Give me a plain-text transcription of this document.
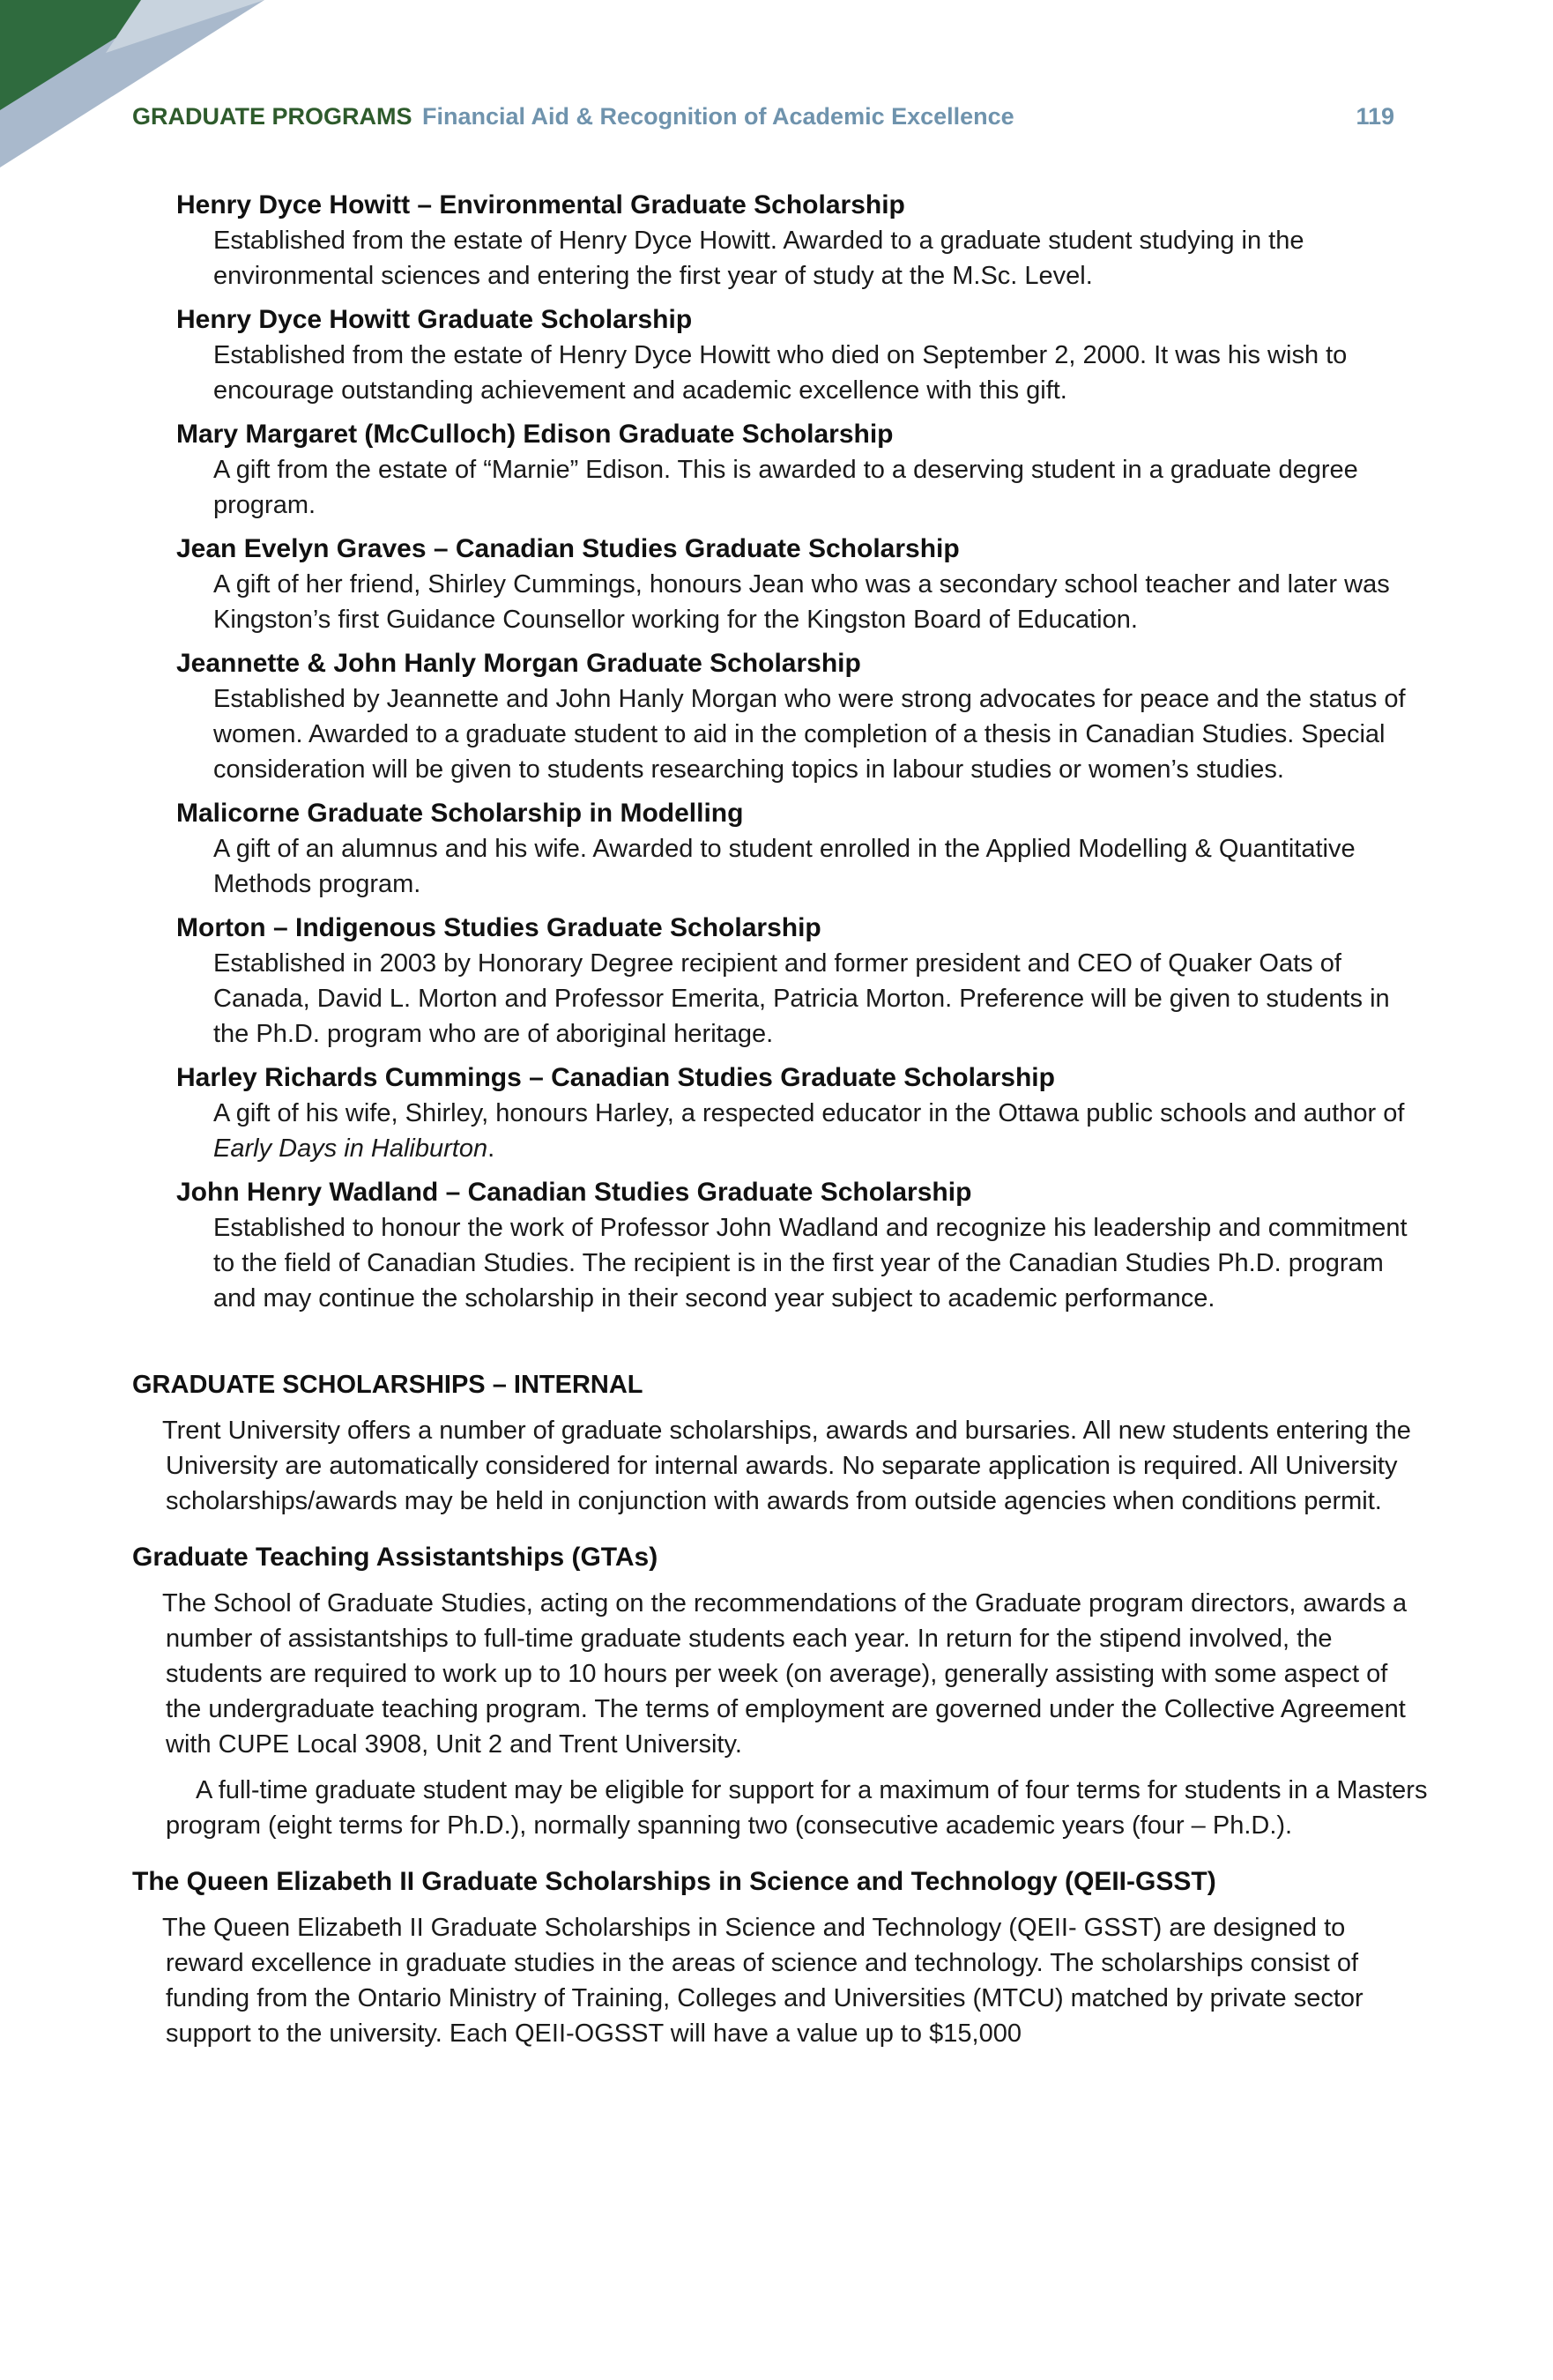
GRADUATE PROGRAMS Financial Aid & Recognition of Academic Excellence	119
Henry Dyce Howitt – Environmental Graduate Scholarship
Established from the estate of Henry Dyce Howitt. Awarded to a graduate student studying in the environmental sciences and entering the first year of study at the M.Sc. Level.
Henry Dyce Howitt Graduate Scholarship
Established from the estate of Henry Dyce Howitt who died on September 2, 2000. It was his wish to encourage outstanding achievement and academic excellence with this gift.
Mary Margaret (McCulloch) Edison Graduate Scholarship
A gift from the estate of “Marnie” Edison. This is awarded to a deserving student in a graduate degree program.
Jean Evelyn Graves – Canadian Studies Graduate Scholarship
A gift of her friend, Shirley Cummings, honours Jean who was a secondary school teacher and later was Kingston’s first Guidance Counsellor working for the Kingston Board of Education.
Jeannette & John Hanly Morgan Graduate Scholarship
Established by Jeannette and John Hanly Morgan who were strong advocates for peace and the status of women. Awarded to a graduate student to aid in the completion of a thesis in Canadian Studies. Special consideration will be given to students researching topics in labour studies or women’s studies.
Malicorne Graduate Scholarship in Modelling
A gift of an alumnus and his wife. Awarded to student enrolled in the Applied Modelling & Quantitative Methods program.
Morton – Indigenous Studies Graduate Scholarship
Established in 2003 by Honorary Degree recipient and former president and CEO of Quaker Oats of Canada, David L. Morton and Professor Emerita, Patricia Morton. Preference will be given to students in the Ph.D. program who are of aboriginal heritage.
Harley Richards Cummings – Canadian Studies Graduate Scholarship
A gift of his wife, Shirley, honours Harley, a respected educator in the Ottawa public schools and author of Early Days in Haliburton.
John Henry Wadland – Canadian Studies Graduate Scholarship
Established to honour the work of Professor John Wadland and recognize his leadership and commitment to the field of Canadian Studies. The recipient is in the first year of the Canadian Studies Ph.D. program and may continue the scholarship in their second year subject to academic performance.
GRADUATE SCHOLARSHIPS – INTERNAL
Trent University offers a number of graduate scholarships, awards and bursaries. All new students entering the University are automatically considered for internal awards. No separate application is required. All University scholarships/awards may be held in conjunction with awards from outside agencies when conditions permit.
Graduate Teaching Assistantships (GTAs)
The School of Graduate Studies, acting on the recommendations of the Graduate program directors, awards a number of assistantships to full-time graduate students each year. In return for the stipend involved, the students are required to work up to 10 hours per week (on average), generally assisting with some aspect of the undergraduate teaching program. The terms of employment are governed under the Collective Agreement with CUPE Local 3908, Unit 2 and Trent University.
A full-time graduate student may be eligible for support for a maximum of four terms for students in a Masters program (eight terms for Ph.D.), normally spanning two (consecutive academic years (four – Ph.D.).
The Queen Elizabeth II Graduate Scholarships in Science and Technology (QEII-GSST)
The Queen Elizabeth II Graduate Scholarships in Science and Technology (QEII- GSST) are designed to reward excellence in graduate studies in the areas of science and technology. The scholarships consist of funding from the Ontario Ministry of Training, Colleges and Universities (MTCU) matched by private sector support to the university. Each QEII-OGSST will have a value up to $15,000
